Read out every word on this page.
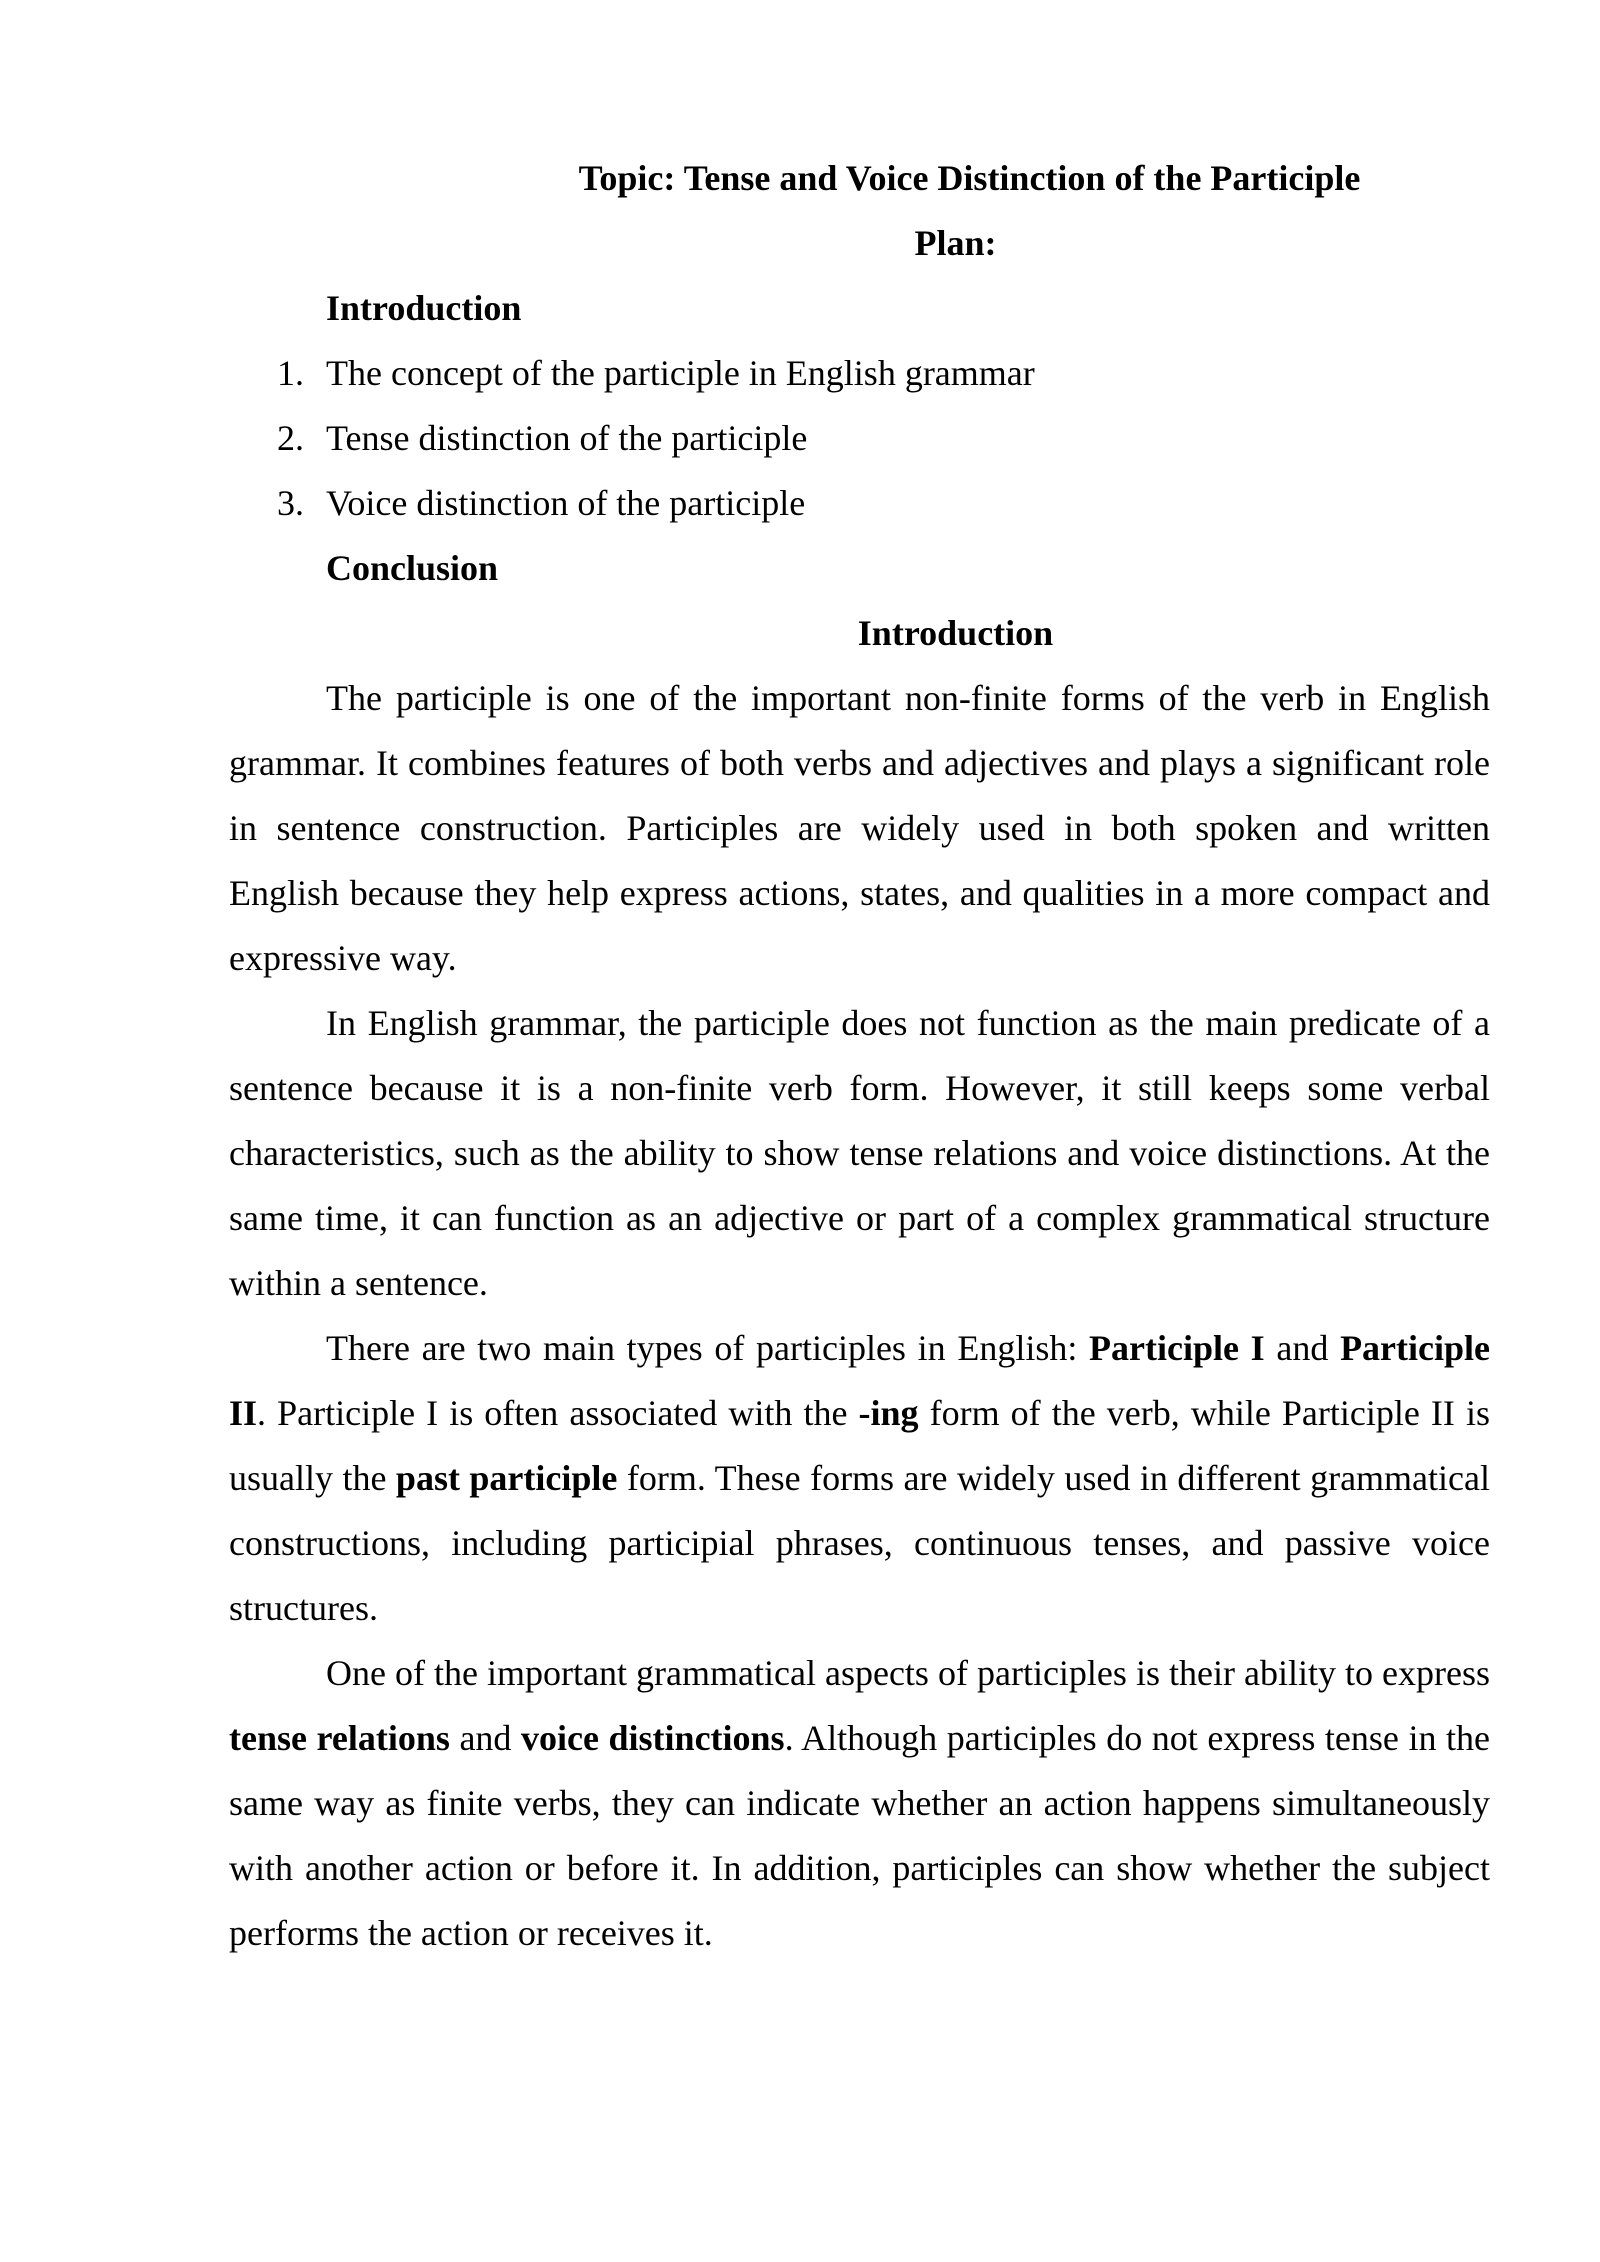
Topic: Tense and Voice Distinction of the Participle
Plan:
Introduction
1. The concept of the participle in English grammar
2. Tense distinction of the participle
3. Voice distinction of the participle
Conclusion
Introduction

The participle is one of the important non-finite forms of the verb in English grammar. It combines features of both verbs and adjectives and plays a significant role in sentence construction. Participles are widely used in both spoken and written English because they help express actions, states, and qualities in a more compact and expressive way.

In English grammar, the participle does not function as the main predicate of a sentence because it is a non-finite verb form. However, it still keeps some verbal characteristics, such as the ability to show tense relations and voice distinctions. At the same time, it can function as an adjective or part of a complex grammatical structure within a sentence.

There are two main types of participles in English: Participle I and Participle II. Participle I is often associated with the -ing form of the verb, while Participle II is usually the past participle form. These forms are widely used in different grammatical constructions, including participial phrases, continuous tenses, and passive voice structures.

One of the important grammatical aspects of participles is their ability to express tense relations and voice distinctions. Although participles do not express tense in the same way as finite verbs, they can indicate whether an action happens simultaneously with another action or before it. In addition, participles can show whether the subject performs the action or receives it.
